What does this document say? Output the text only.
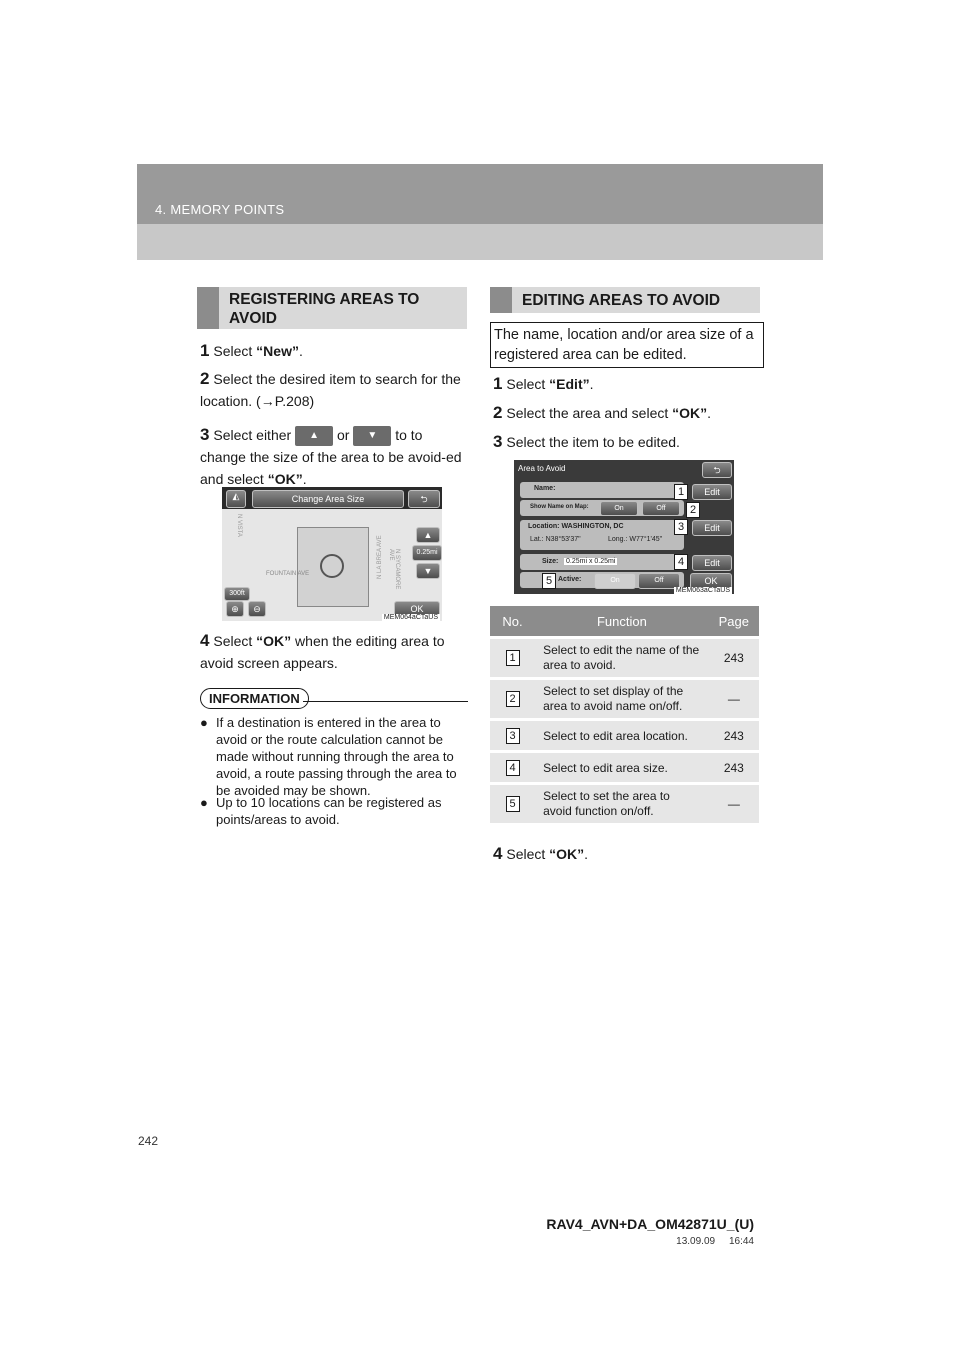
4. MEMORY POINTS
REGISTERING AREAS TO
AVOID
1 Select “New”.
2 Select the desired item to search for the location. (→P.208)
3 Select either ▲ or ▼ to to change the size of the area to be avoid-ed and select “OK”.
N VISTA
FOUNTAIN AVE	N LA BREA AVE	N SYCAMORE AVE
◭	Change Area Size	⮌
▲
0.25mi
▼
300ft
⊕	⊖	OK
MEM064aCTaUS
4 Select “OK” when the editing area to avoid screen appears.
INFORMATION
● If a destination is entered in the area to avoid or the route calculation cannot be made without running through the area to avoid, a route passing through the area to be avoided may be shown.
● Up to 10 locations can be registered as points/areas to avoid.
EDITING AREAS TO AVOID
The name, location and/or area size of a registered area can be edited.
1 Select “Edit”.
2 Select the area and select “OK”.
3 Select the item to be edited.
Area to Avoid	⮌
Name:	Edit
Show Name on Map:	On	Off
Location: WASHINGTON, DC
Lat.: N38°53'37"	Long.: W77°1'45"
Edit
Size: 0.25mi x 0.25mi	Edit
Active:	On	Off	OK
1
2
3
4
5
MEM063aCTaUS
No.	Function	Page
1	Select to edit the name of the area to avoid.	243
2	Select to set display of the area to avoid name on/off.	—
3	Select to edit area location.	243
4	Select to edit area size.	243
5	Select to set the area to avoid function on/off.	—
4 Select “OK”.
242
RAV4_AVN+DA_OM42871U_(U)
13.09.09     16:44
